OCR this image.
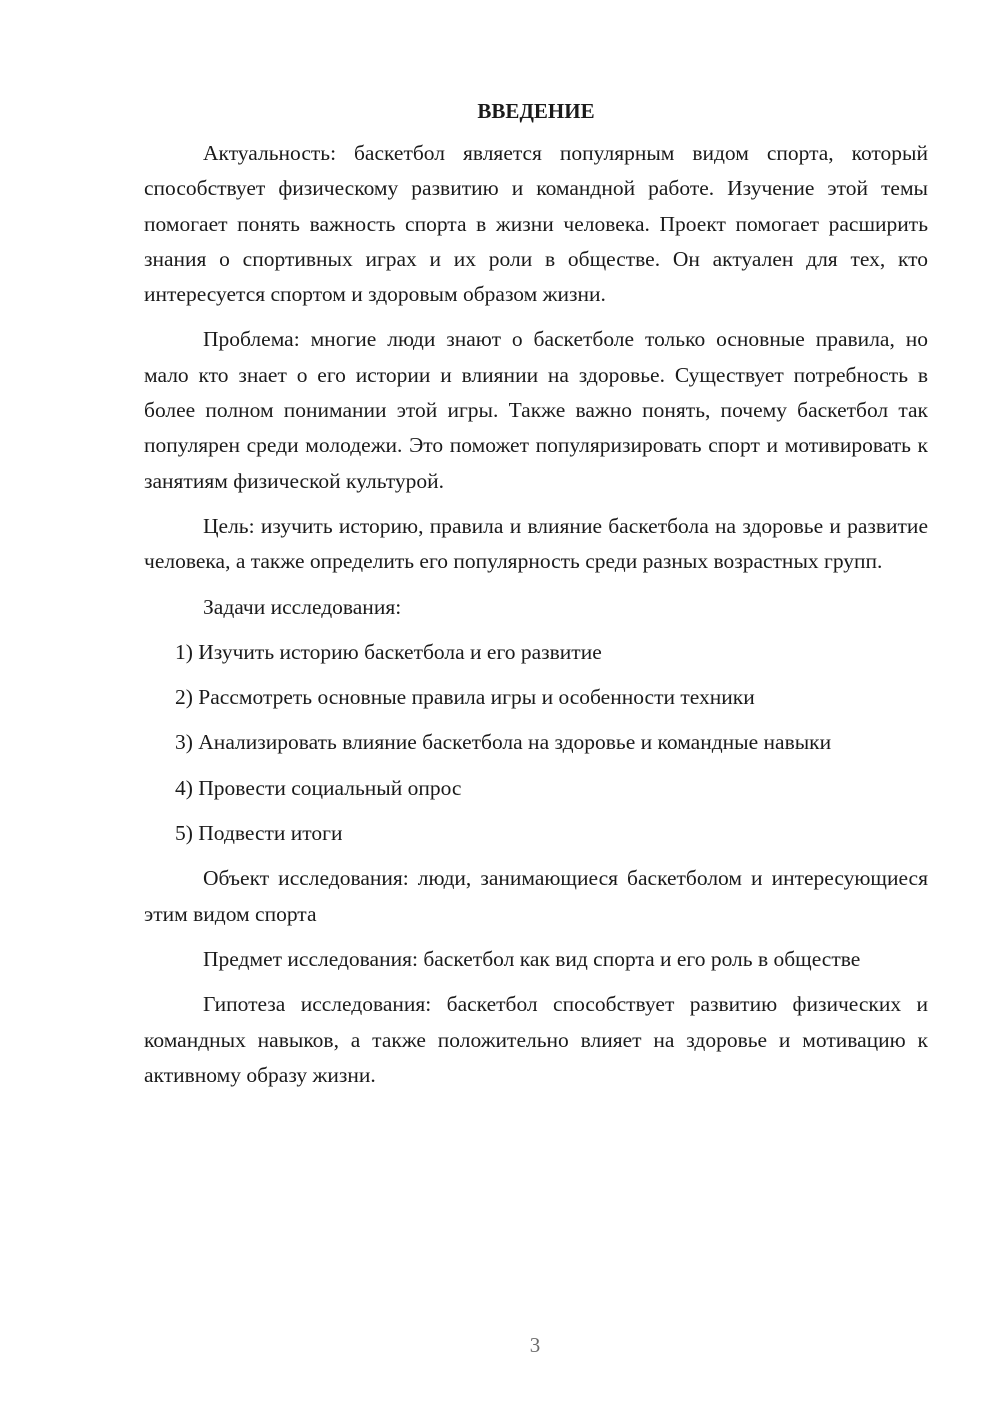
ВВЕДЕНИЕ

Актуальность: баскетбол является популярным видом спорта, который способствует физическому развитию и командной работе. Изучение этой темы помогает понять важность спорта в жизни человека. Проект помогает расширить знания о спортивных играх и их роли в обществе. Он актуален для тех, кто интересуется спортом и здоровым образом жизни.

Проблема: многие люди знают о баскетболе только основные правила, но мало кто знает о его истории и влиянии на здоровье. Существует потребность в более полном понимании этой игры. Также важно понять, почему баскетбол так популярен среди молодежи. Это поможет популяризировать спорт и мотивировать к занятиям физической культурой.

Цель: изучить историю, правила и влияние баскетбола на здоровье и развитие человека, а также определить его популярность среди разных возрастных групп.

Задачи исследования:

1) Изучить историю баскетбола и его развитие

2) Рассмотреть основные правила игры и особенности техники

3) Анализировать влияние баскетбола на здоровье и командные навыки

4) Провести социальный опрос

5) Подвести итоги

Объект исследования: люди, занимающиеся баскетболом и интересующиеся этим видом спорта

Предмет исследования: баскетбол как вид спорта и его роль в обществе

Гипотеза исследования: баскетбол способствует развитию физических и командных навыков, а также положительно влияет на здоровье и мотивацию к активному образу жизни.

3
